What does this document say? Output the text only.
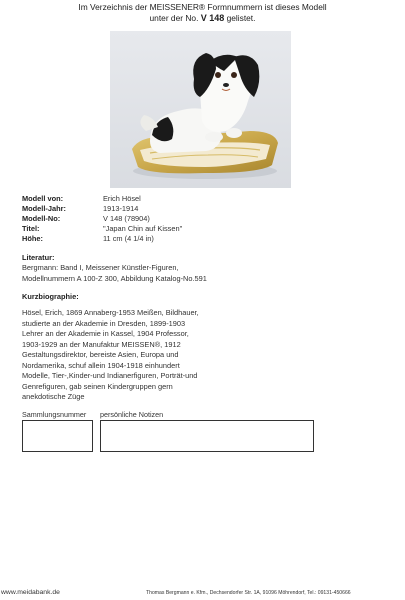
Im Verzeichnis der MEISSENER® Formnummern ist dieses Modell
unter der No. V 148 gelistet.
Modell von:	Erich Hösel
Modell-Jahr:	1913-1914
Modell-No:	V 148 (78904)
Titel:	"Japan Chin auf Kissen"
Höhe:	11 cm (4 1/4 in)
Literatur:
Bergmann: Band I, Meissener Künstler-Figuren,
Modellnummern A 100-Z 300, Abbildung Katalog-No.591
Kurzbiographie:
Hösel, Erich, 1869 Annaberg-1953 Meißen, Bildhauer,
studierte an der Akademie in Dresden, 1899-1903
Lehrer an der Akademie in Kassel, 1904 Professor,
1903-1929 an der Manufaktur MEISSEN®, 1912
Gestaltungsdirektor, bereiste Asien, Europa und
Nordamerika, schuf allein 1904-1918 einhundert
Modelle, Tier-,Kinder-und Indianerfiguren, Porträt-und
Genrefiguren, gab seinen Kindergruppen gern
anekdotische Züge
Sammlungsnummer persönliche Notizen
www.meidabank.de	Thomas Bergmann e. Kfm., Dechsendorfer Str. 1A, 91096 Möhrendorf, Tel.: 09131-450666
